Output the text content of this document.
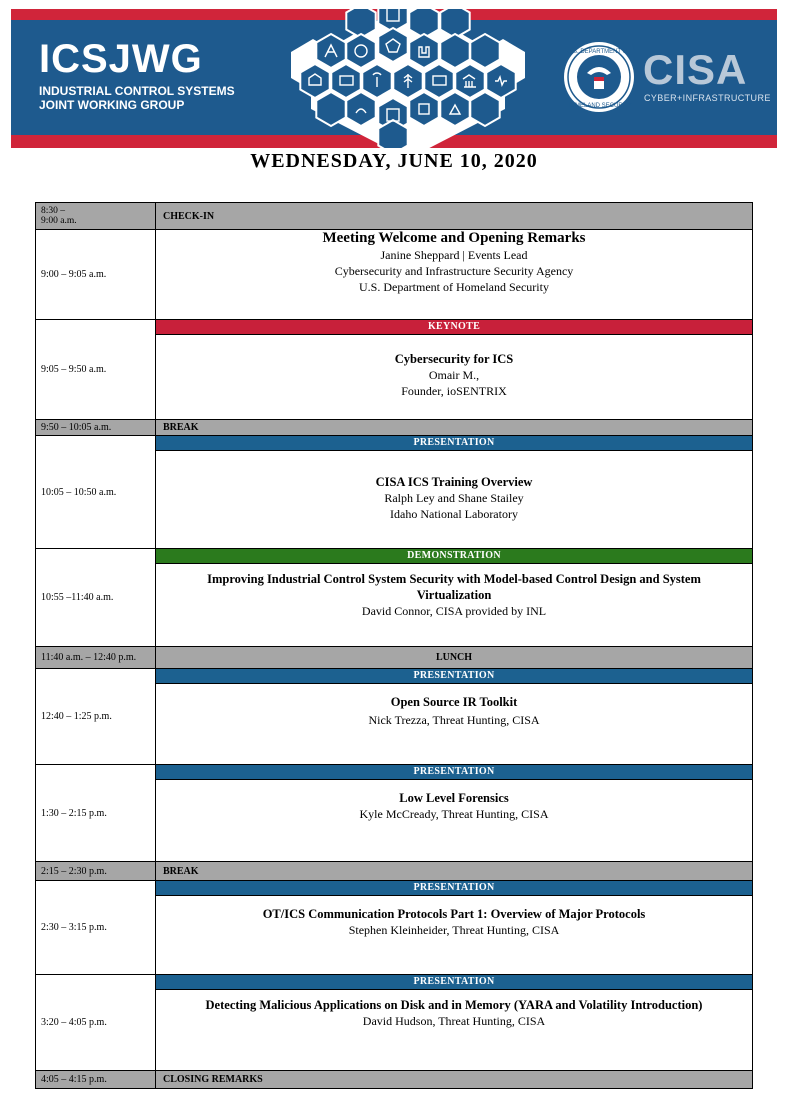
ICSJWG
INDUSTRIAL CONTROL SYSTEMS
JOINT WORKING GROUP
U.S. DEPARTMENT OF
HOMELAND SECURITY
CISA
CYBER+INFRASTRUCTURE
WEDNESDAY, JUNE 10, 2020
8:30 –
9:00 a.m.	CHECK-IN
9:00 – 9:05 a.m.
Meeting Welcome and Opening Remarks
Janine Sheppard | Events Lead
Cybersecurity and Infrastructure Security Agency
U.S. Department of Homeland Security
9:05 – 9:50 a.m.
KEYNOTE
Cybersecurity for ICS
Omair M.,
Founder, ioSENTRIX
9:50 – 10:05 a.m.	BREAK
10:05 – 10:50 a.m.
PRESENTATION
CISA ICS Training Overview
Ralph Ley and Shane Stailey
Idaho National Laboratory
10:55 –11:40 a.m.
DEMONSTRATION
Improving Industrial Control System Security with Model-based Control Design and System
Virtualization
David Connor, CISA provided by INL
11:40 a.m. – 12:40 p.m.	LUNCH
12:40 – 1:25 p.m.
PRESENTATION
Open Source IR Toolkit
Nick Trezza, Threat Hunting, CISA
1:30 – 2:15 p.m.
PRESENTATION
Low Level Forensics
Kyle McCready, Threat Hunting, CISA
2:15 – 2:30 p.m.	BREAK
2:30 – 3:15 p.m.
PRESENTATION
OT/ICS Communication Protocols Part 1: Overview of Major Protocols
Stephen Kleinheider, Threat Hunting, CISA
3:20 – 4:05 p.m.
PRESENTATION
Detecting Malicious Applications on Disk and in Memory (YARA and Volatility Introduction)
David Hudson, Threat Hunting, CISA
4:05 – 4:15 p.m.	CLOSING REMARKS
